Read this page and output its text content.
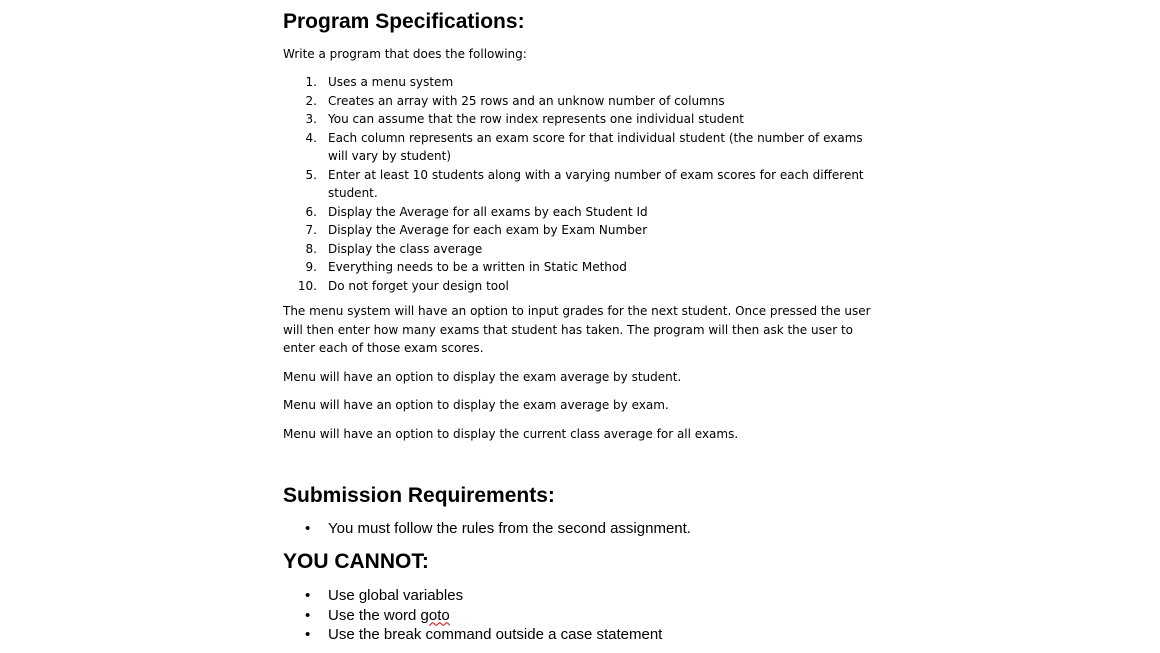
Program Specifications:

Write a program that does the following:

1. Uses a menu system
2. Creates an array with 25 rows and an unknow number of columns
3. You can assume that the row index represents one individual student
4. Each column represents an exam score for that individual student (the number of exams will vary by student)
5. Enter at least 10 students along with a varying number of exam scores for each different student.
6. Display the Average for all exams by each Student Id
7. Display the Average for each exam by Exam Number
8. Display the class average
9. Everything needs to be a written in Static Method
10. Do not forget your design tool

The menu system will have an option to input grades for the next student. Once pressed the user will then enter how many exams that student has taken. The program will then ask the user to enter each of those exam scores.

Menu will have an option to display the exam average by student.

Menu will have an option to display the exam average by exam.

Menu will have an option to display the current class average for all exams.

Submission Requirements:
• You must follow the rules from the second assignment.
YOU CANNOT:
• Use global variables
• Use the word goto
• Use the break command outside a case statement
